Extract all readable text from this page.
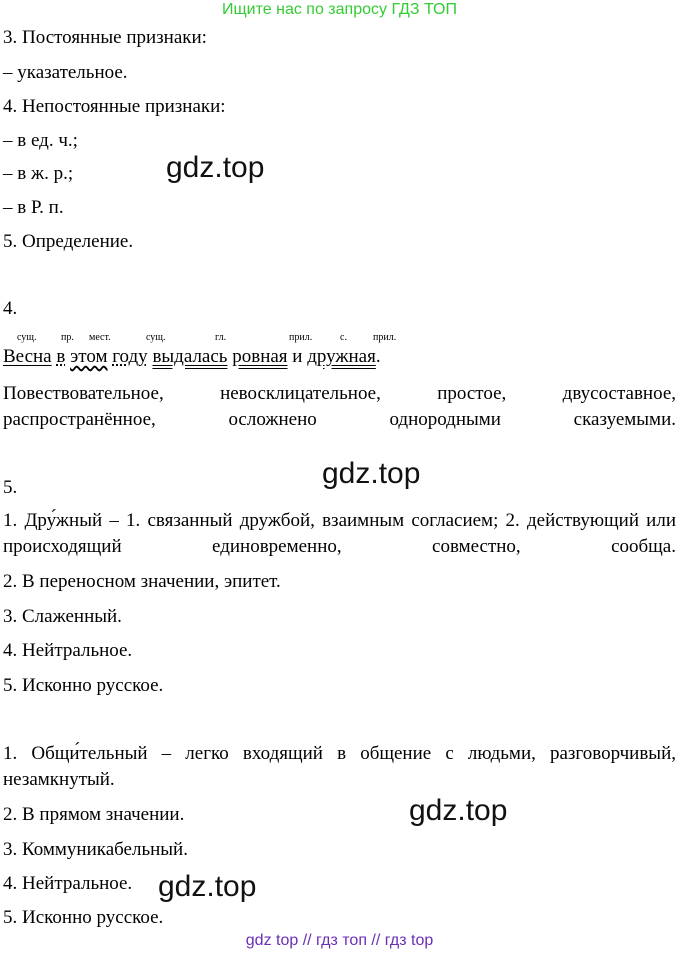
Ищите нас по запросу ГДЗ ТОП
3. Постоянные признаки:
– указательное.
4. Непостоянные признаки:
– в ед. ч.;
– в ж. р.;
– в Р. п.
5. Определение.
gdz.top
4.
сущ. пр. мест.	сущ.	гл.	прил.	с.	прил.
Весна в этом году выдалась ровная и дружная.
Повествовательное, невосклицательное, простое, двусоставное, распространённое, осложнено однородными сказуемыми.
gdz.top
5.
1. Дру́жный – 1. связанный дружбой, взаимным согласием; 2. действующий или происходящий единовременно, совместно, сообща.
2. В переносном значении, эпитет.
3. Слаженный.
4. Нейтральное.
5. Исконно русское.
1. Общи́тельный – легко входящий в общение с людьми, разговорчивый, незамкнутый.
2. В прямом значении.
3. Коммуникабельный.
4. Нейтральное.
5. Исконно русское.
gdz.top
gdz.top
gdz top // гдз топ // гдз top
